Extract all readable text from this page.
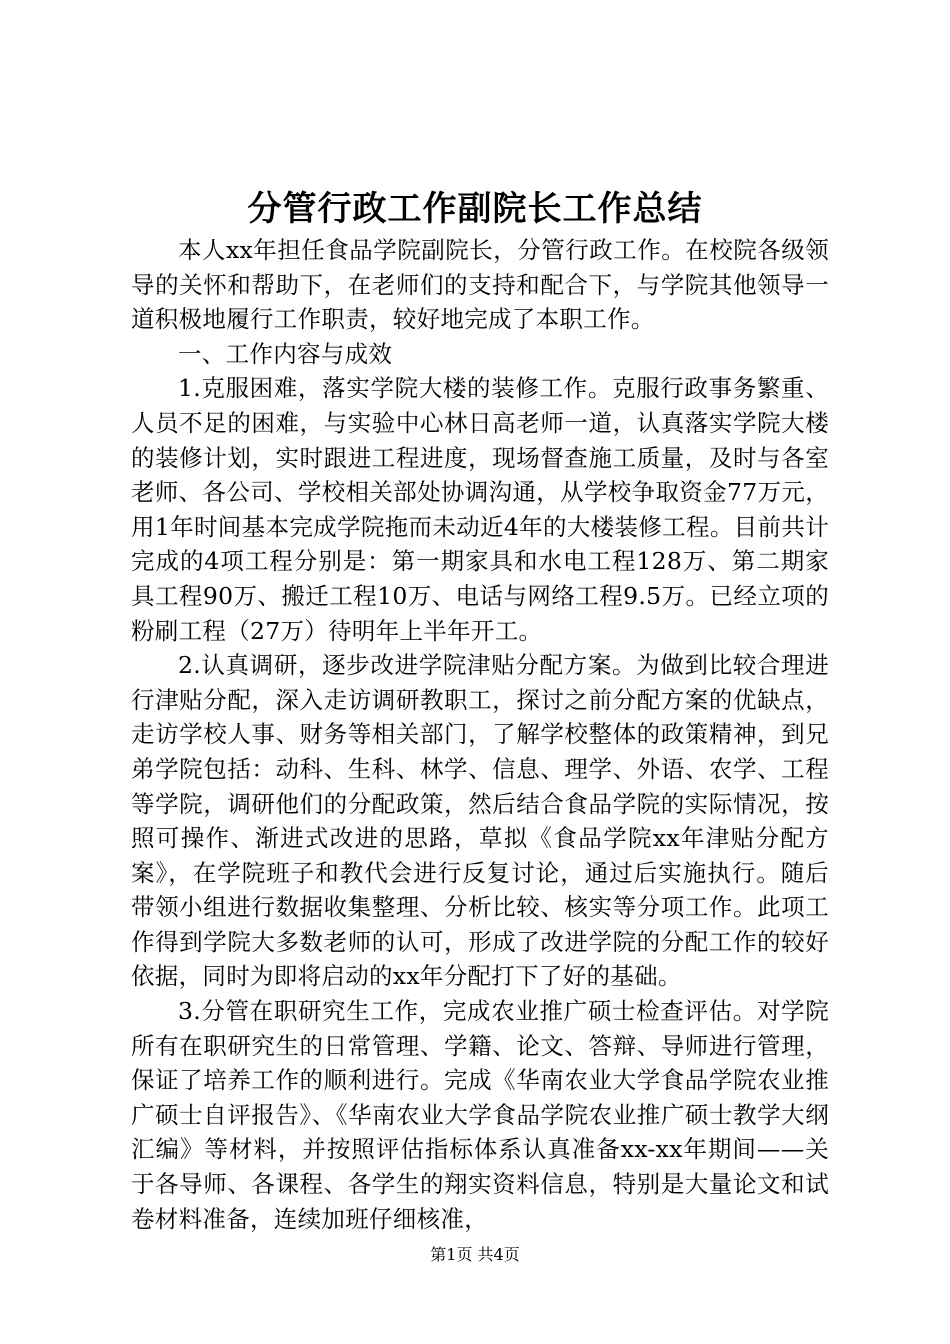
分管行政工作副院长工作总结

本人xx年担任食品学院副院长，分管行政工作。在校院各级领导的关怀和帮助下，在老师们的支持和配合下，与学院其他领导一道积极地履行工作职责，较好地完成了本职工作。

一、工作内容与成效

1.克服困难，落实学院大楼的装修工作。克服行政事务繁重、人员不足的困难，与实验中心林日高老师一道，认真落实学院大楼的装修计划，实时跟进工程进度，现场督查施工质量，及时与各室老师、各公司、学校相关部处协调沟通，从学校争取资金77万元，用1年时间基本完成学院拖而未动近4年的大楼装修工程。目前共计完成的4项工程分别是：第一期家具和水电工程128万、第二期家具工程90万、搬迁工程10万、电话与网络工程9.5万。已经立项的粉刷工程（27万）待明年上半年开工。

2.认真调研，逐步改进学院津贴分配方案。为做到比较合理进行津贴分配，深入走访调研教职工，探讨之前分配方案的优缺点，走访学校人事、财务等相关部门，了解学校整体的政策精神，到兄弟学院包括：动科、生科、林学、信息、理学、外语、农学、工程等学院，调研他们的分配政策，然后结合食品学院的实际情况，按照可操作、渐进式改进的思路，草拟《食品学院xx年津贴分配方案》，在学院班子和教代会进行反复讨论，通过后实施执行。随后带领小组进行数据收集整理、分析比较、核实等分项工作。此项工作得到学院大多数老师的认可，形成了改进学院的分配工作的较好依据，同时为即将启动的xx年分配打下了好的基础。

3.分管在职研究生工作，完成农业推广硕士检查评估。对学院所有在职研究生的日常管理、学籍、论文、答辩、导师进行管理，保证了培养工作的顺利进行。完成《华南农业大学食品学院农业推广硕士自评报告》、《华南农业大学食品学院农业推广硕士教学大纲汇编》等材料，并按照评估指标体系认真准备xx-xx年期间——关于各导师、各课程、各学生的翔实资料信息，特别是大量论文和试卷材料准备，连续加班仔细核准，

第1页 共4页
